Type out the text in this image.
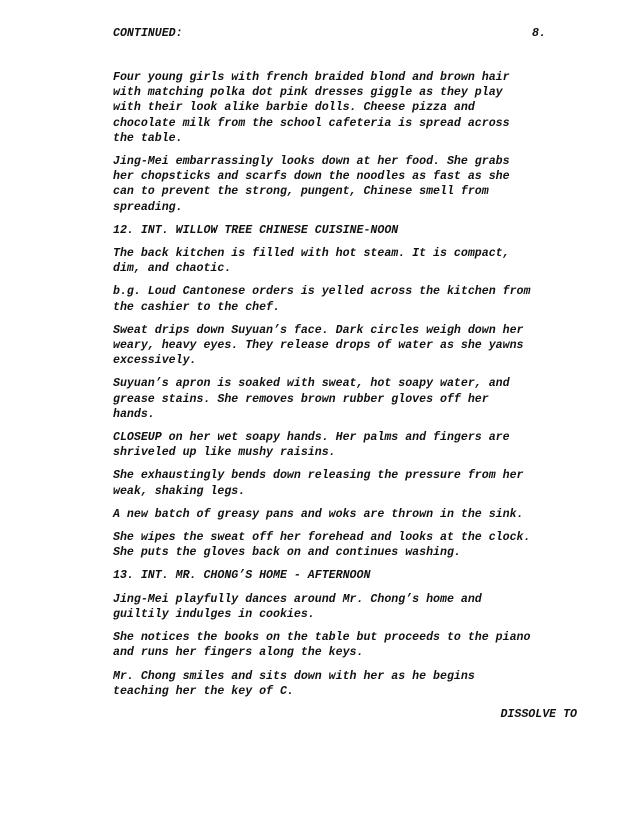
CONTINUED:	8.

Four young girls with french braided blond and brown hair
with matching polka dot pink dresses giggle as they play
with their look alike barbie dolls. Cheese pizza and
chocolate milk from the school cafeteria is spread across
the table.

Jing-Mei embarrassingly looks down at her food. She grabs
her chopsticks and scarfs down the noodles as fast as she
can to prevent the strong, pungent, Chinese smell from
spreading.

12. INT. WILLOW TREE CHINESE CUISINE-NOON

The back kitchen is filled with hot steam. It is compact,
dim, and chaotic.

b.g. Loud Cantonese orders is yelled across the kitchen from
the cashier to the chef.

Sweat drips down Suyuan’s face. Dark circles weigh down her
weary, heavy eyes. They release drops of water as she yawns
excessively.

Suyuan’s apron is soaked with sweat, hot soapy water, and
grease stains. She removes brown rubber gloves off her
hands.

CLOSEUP on her wet soapy hands. Her palms and fingers are
shriveled up like mushy raisins.

She exhaustingly bends down releasing the pressure from her
weak, shaking legs.

A new batch of greasy pans and woks are thrown in the sink.

She wipes the sweat off her forehead and looks at the clock.
She puts the gloves back on and continues washing.

13. INT. MR. CHONG’S HOME - AFTERNOON

Jing-Mei playfully dances around Mr. Chong’s home and
guiltily indulges in cookies.

She notices the books on the table but proceeds to the piano
and runs her fingers along the keys.

Mr. Chong smiles and sits down with her as he begins
teaching her the key of C.

DISSOLVE TO
